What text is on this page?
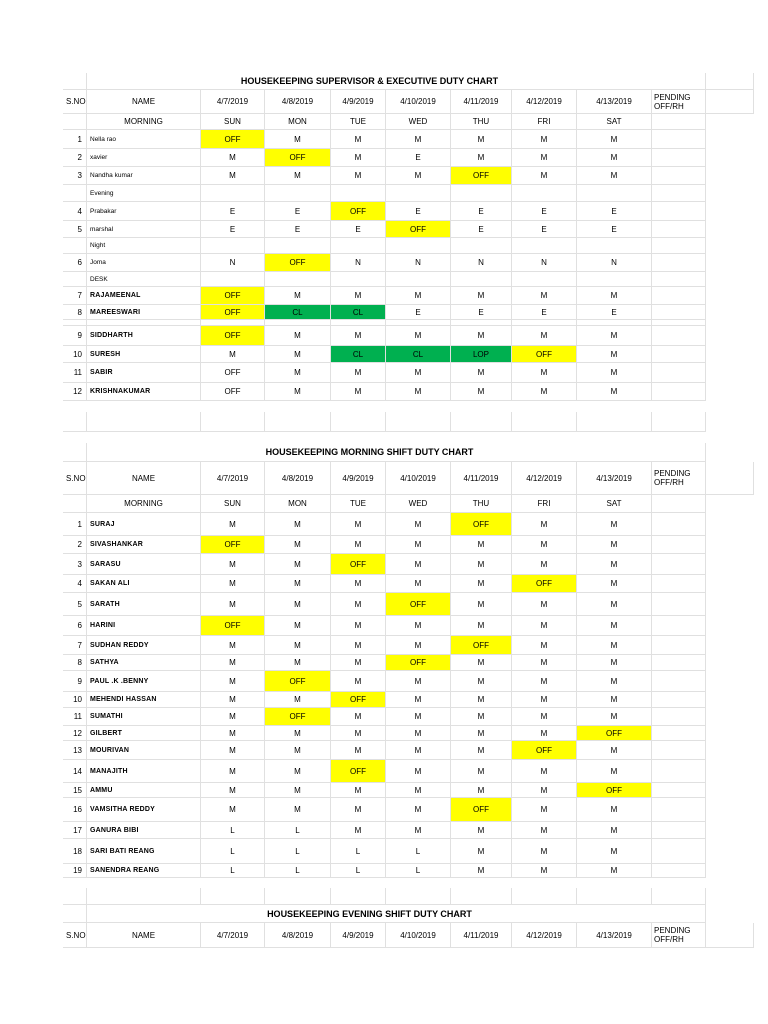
HOUSEKEEPING SUPERVISOR & EXECUTIVE DUTY CHART
S.NO	NAME	4/7/2019	4/8/2019	4/9/2019	4/10/2019	4/11/2019	4/12/2019	4/13/2019	PENDING OFF/RH
MORNING	SUN	MON	TUE	WED	THU	FRI	SAT
1	Nella rao	OFF	M	M	M	M	M	M
2	xavier	M	OFF	M	E	M	M	M
3	Nandha kumar	M	M	M	M	OFF	M	M
Evening
4	Prabakar	E	E	OFF	E	E	E	E
5	marshal	E	E	E	OFF	E	E	E
Night
6	Joma	N	OFF	N	N	N	N	N
DESK
7	RAJAMEENAL	OFF	M	M	M	M	M	M
8	MAREESWARI	OFF	CL	CL	E	E	E	E
9	SIDDHARTH	OFF	M	M	M	M	M	M
10	SURESH	M	M	CL	CL	LOP	OFF	M
11	SABIR	OFF	M	M	M	M	M	M
12	KRISHNAKUMAR	OFF	M	M	M	M	M	M
HOUSEKEEPING MORNING SHIFT DUTY CHART
S.NO	NAME	4/7/2019	4/8/2019	4/9/2019	4/10/2019	4/11/2019	4/12/2019	4/13/2019	PENDING OFF/RH
MORNING	SUN	MON	TUE	WED	THU	FRI	SAT
1	SURAJ	M	M	M	M	OFF	M	M
2	SIVASHANKAR	OFF	M	M	M	M	M	M
3	SARASU	M	M	OFF	M	M	M	M
4	SAKAN ALI	M	M	M	M	M	OFF	M
5	SARATH	M	M	M	OFF	M	M	M
6	HARINI	OFF	M	M	M	M	M	M
7	SUDHAN REDDY	M	M	M	M	OFF	M	M
8	SATHYA	M	M	M	OFF	M	M	M
9	PAUL .K .BENNY	M	OFF	M	M	M	M	M
10	MEHENDI HASSAN	M	M	OFF	M	M	M	M
11	SUMATHI	M	OFF	M	M	M	M	M
12	GILBERT	M	M	M	M	M	M	OFF
13	MOURIVAN	M	M	M	M	M	OFF	M
14	MANAJITH	M	M	OFF	M	M	M	M
15	AMMU	M	M	M	M	M	M	OFF
16	VAMSITHA REDDY	M	M	M	M	OFF	M	M
17	GANURA BIBI	L	L	M	M	M	M	M
18	SARI BATI REANG	L	L	L	L	M	M	M
19	SANENDRA REANG	L	L	L	L	M	M	M
HOUSEKEEPING EVENING SHIFT DUTY CHART
S.NO	NAME	4/7/2019	4/8/2019	4/9/2019	4/10/2019	4/11/2019	4/12/2019	4/13/2019	PENDING OFF/RH
